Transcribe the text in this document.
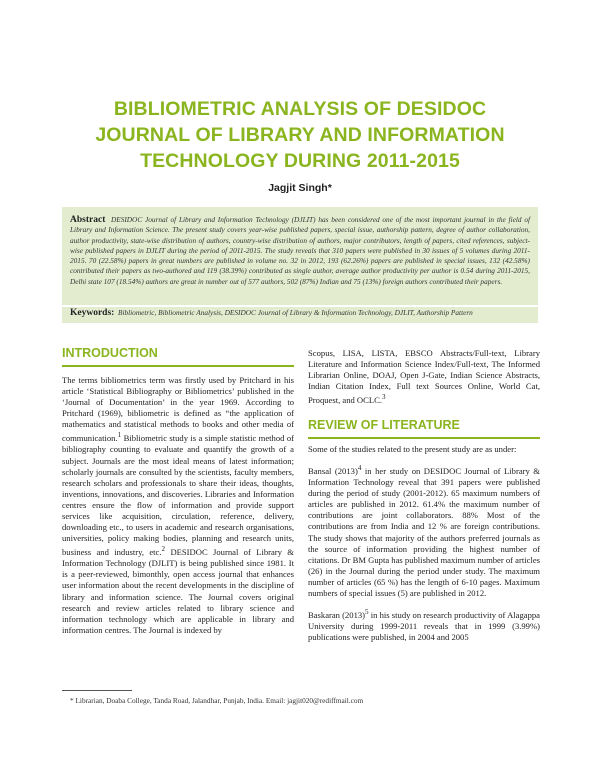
BIBLIOMETRIC ANALYSIS OF DESIDOC
JOURNAL OF LIBRARY AND INFORMATION
TECHNOLOGY DURING 2011-2015
Jagjit Singh*
Abstract DESIDOC Journal of Library and Information Technology (DJLIT) has been considered one of the most important journal in the field of Library and Information Science. The present study covers year-wise published papers, special issue, authorship pattern, degree of author collaboration, author productivity, state-wise distribution of authors, country-wise distribution of authors, major contributors, length of papers, cited references, subject-wise published papers in DJLIT during the period of 2011-2015. The study reveals that 310 papers were published in 30 issues of 5 volumes during 2011-2015. 70 (22.58%) papers in great numbers are published in volume no. 32 in 2012, 193 (62.26%) papers are published in special issues, 132 (42.58%) contributed their papers as two-authored and 119 (38.39%) contributed as single author, average author productivity per author is 0.54 during 2011-2015, Delhi state 107 (18.54%) authors are great in number out of 577 authors, 502 (87%) Indian and 75 (13%) foreign authors contributed their papers.
Keywords: Bibliometric, Bibliometric Analysis, DESIDOC Journal of Library & Information Technology, DJLIT, Authorship Pattern
INTRODUCTION

The terms bibliometrics term was firstly used by Pritchard in his article ‘Statistical Bibliography or Bibliometrics’ published in the ‘Journal of Documentation’ in the year 1969. According to Pritchard (1969), bibliometric is defined as “the application of mathematics and statistical methods to books and other media of communication.$^1$ Bibliometric study is a simple statistic method of bibliography counting to evaluate and quantify the growth of a subject. Journals are the most ideal means of latest information; scholarly journals are consulted by the scientists, faculty members, research scholars and professionals to share their ideas, thoughts, inventions, innovations, and discoveries. Libraries and Information centres ensure the flow of information and provide support services like acquisition, circulation, reference, delivery, downloading etc., to users in academic and research organisations, universities, policy making bodies, planning and research units, business and industry, etc.$^2$ DESIDOC Journal of Library & Information Technology (DJLIT) is being published since 1981. It is a peer-reviewed, bimonthly, open access journal that enhances user information about the recent developments in the discipline of library and information science. The Journal covers original research and review articles related to library science and information technology which are applicable in library and information centres. The Journal is indexed by

Scopus, LISA, LISTA, EBSCO Abstracts/Full-text, Library Literature and Information Science Index/Full-text, The Informed Librarian Online, DOAJ, Open J-Gate, Indian Science Abstracts, Indian Citation Index, Full text Sources Online, World Cat, Proquest, and OCLC.$^3$

REVIEW OF LITERATURE

Some of the studies related to the present study are as under:

Bansal $(2013)^4$ in her study on DESIDOC Journal of Library & Information Technology reveal that 391 papers were published during the period of study (2001-2012). 65 maximum numbers of articles are published in 2012. 61.4% the maximum number of contributions are joint collaborators. 88% Most of the contributions are from India and 12 % are foreign contributions. The study shows that majority of the authors preferred journals as the source of information providing the highest number of citations. Dr BM Gupta has published maximum number of articles (26) in the Journal during the period under study. The maximum number of articles (65 %) has the length of 6-10 pages. Maximum numbers of special issues (5) are published in 2012.

Baskaran $(2013)^5$ in his study on research productivity of Alagappa University during 1999-2011 reveals that in 1999 (3.99%) publications were published, in 2004 and 2005

* Librarian, Doaba College, Tanda Road, Jalandhar, Punjab, India. Email: jagjit020@rediffmail.com
